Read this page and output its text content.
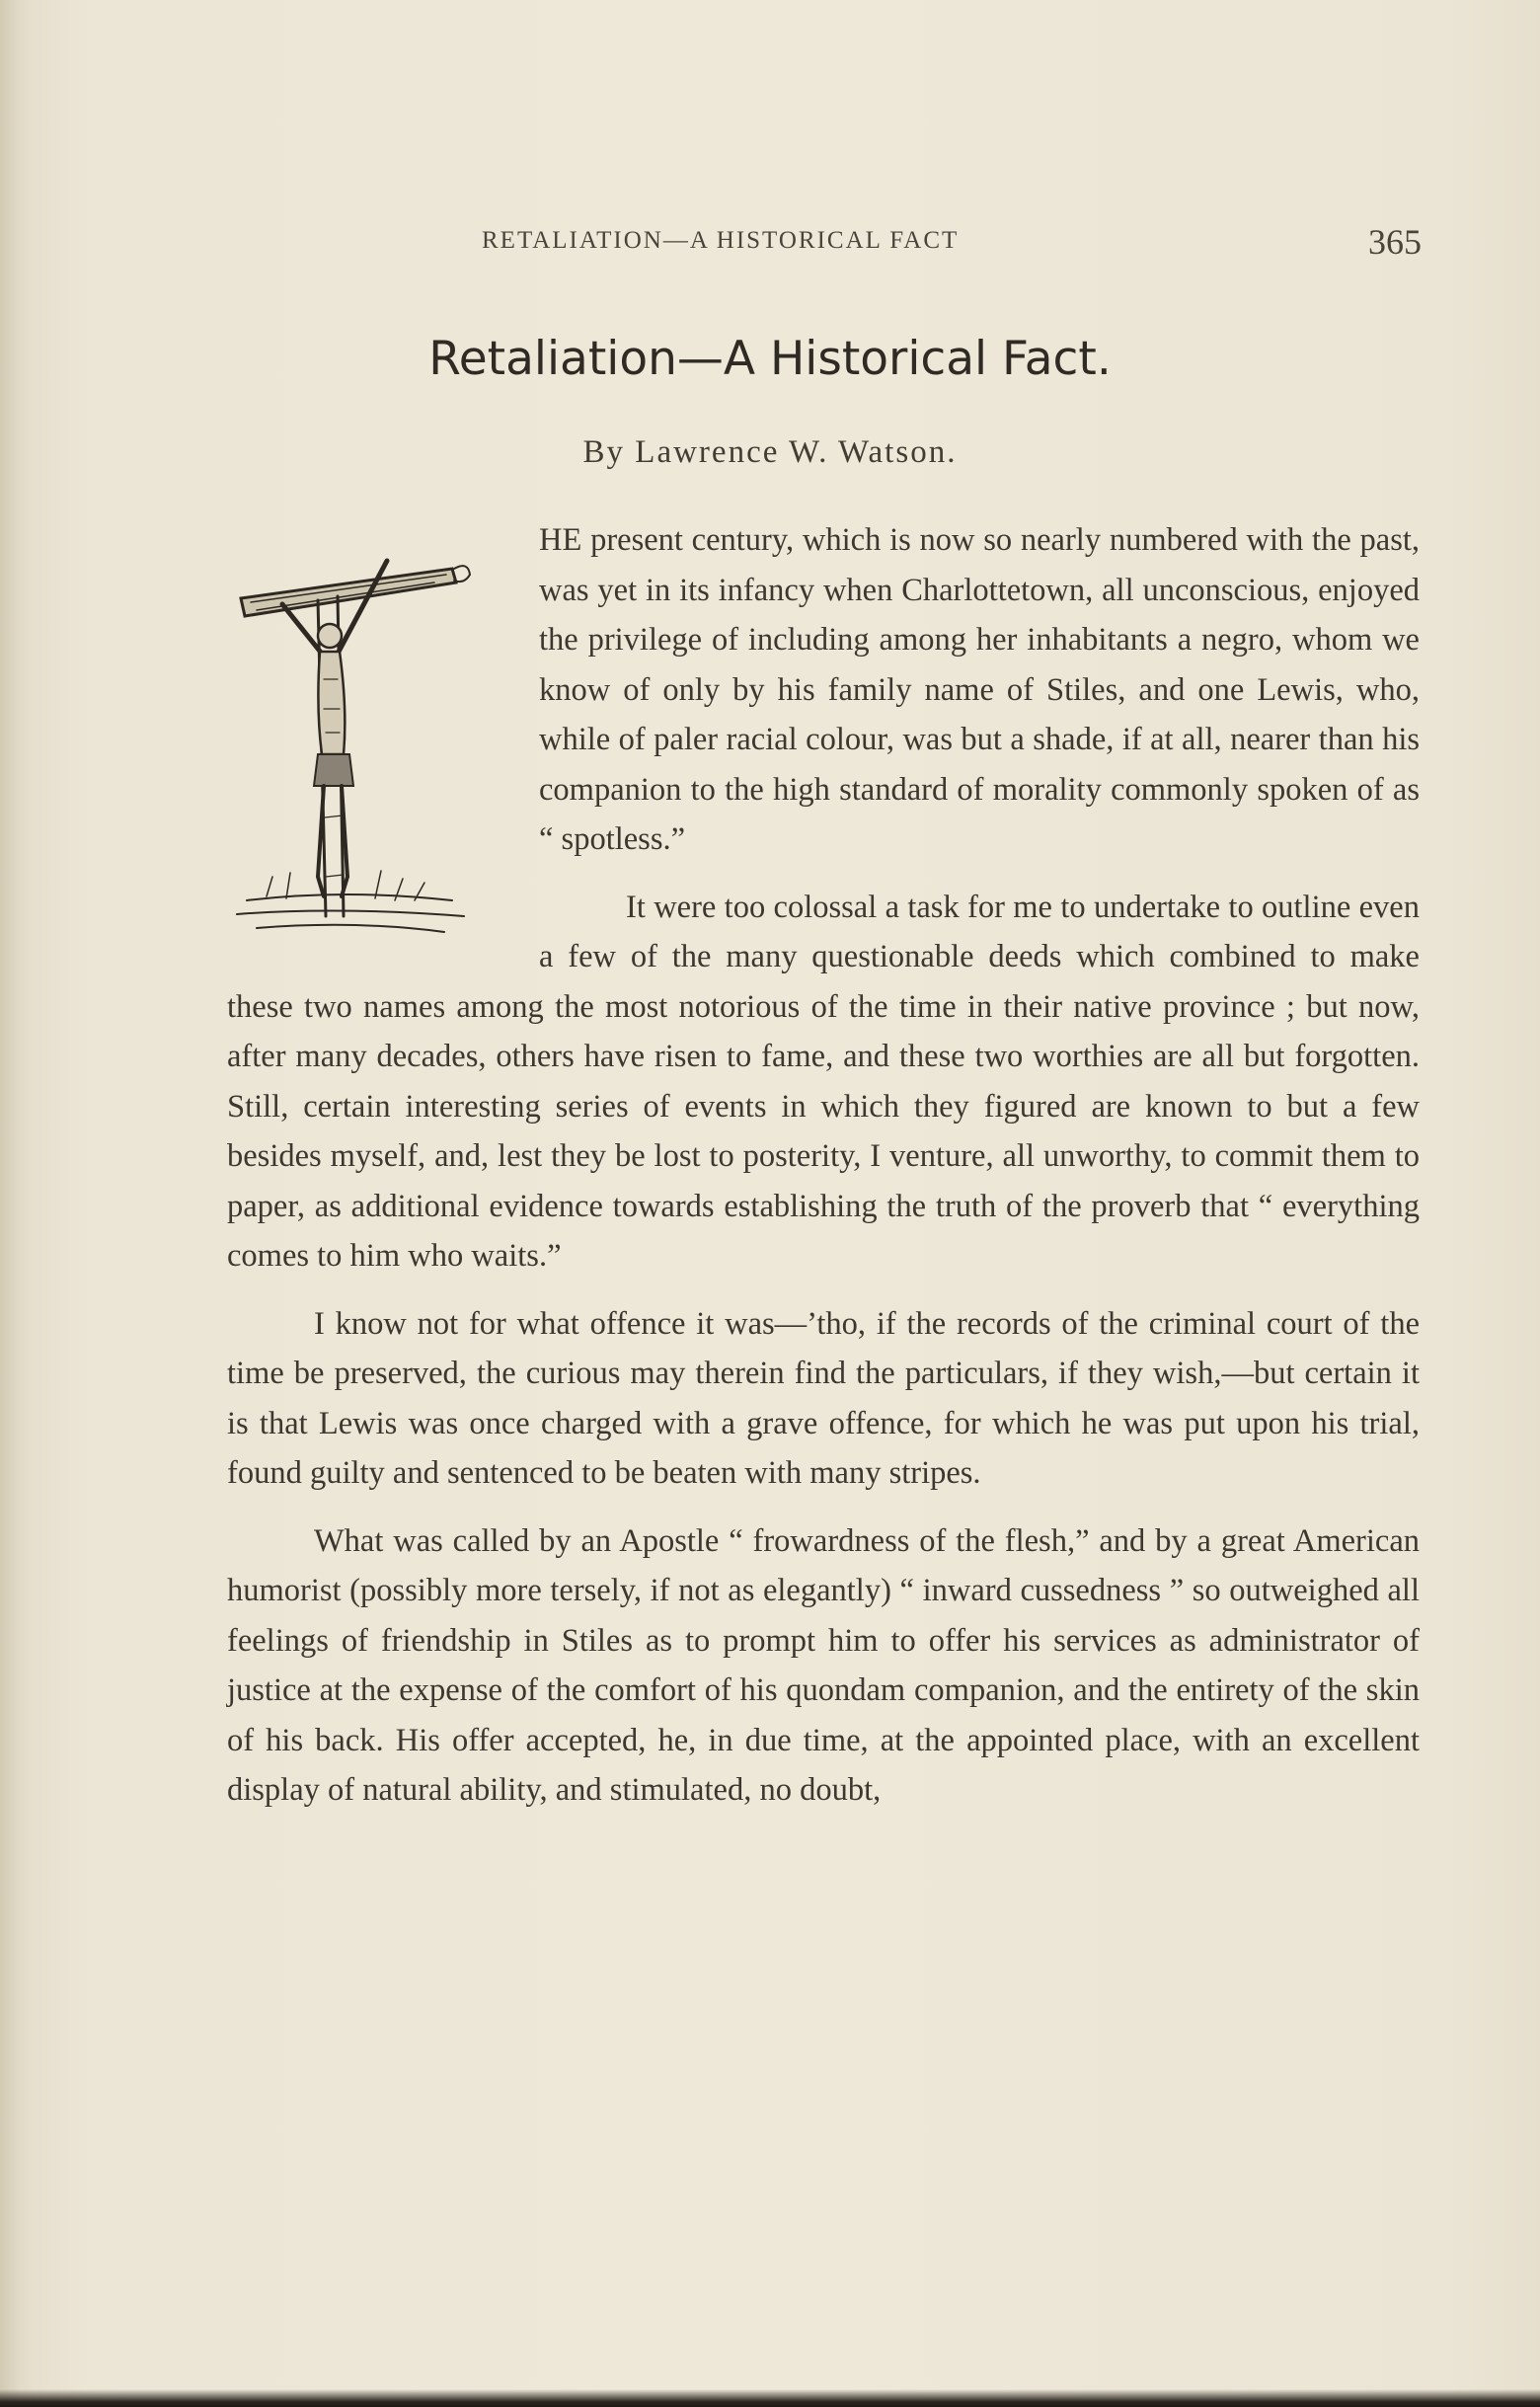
RETALIATION—A HISTORICAL FACT	365
Retaliation—A Historical Fact.
By Lawrence W. Watson.

HE present century, which is now so nearly numbered with the past, was yet in its infancy when Charlottetown, all unconscious, enjoyed the privilege of including among her inhabitants a negro, whom we know of only by his family name of Stiles, and one Lewis, who, while of paler racial colour, was but a shade, if at all, nearer than his companion to the high standard of morality commonly spoken of as “ spotless.”

It were too colossal a task for me to undertake to outline even a few of the many questionable deeds which combined to make these two names among the most notorious of the time in their native province ; but now, after many decades, others have risen to fame, and these two worthies are all but forgotten. Still, certain interesting series of events in which they figured are known to but a few besides myself, and, lest they be lost to posterity, I venture, all unworthy, to commit them to paper, as additional evidence towards establishing the truth of the proverb that “ everything comes to him who waits.”

I know not for what offence it was—’tho, if the records of the criminal court of the time be preserved, the curious may therein find the particulars, if they wish,—but certain it is that Lewis was once charged with a grave offence, for which he was put upon his trial, found guilty and sentenced to be beaten with many stripes.

What was called by an Apostle “ frowardness of the flesh,” and by a great American humorist (possibly more tersely, if not as elegantly) “ inward cussedness ” so outweighed all feelings of friendship in Stiles as to prompt him to offer his services as administrator of justice at the expense of the comfort of his quondam companion, and the entirety of the skin of his back. His offer accepted, he, in due time, at the appointed place, with an excellent display of natural ability, and stimulated, no doubt,
